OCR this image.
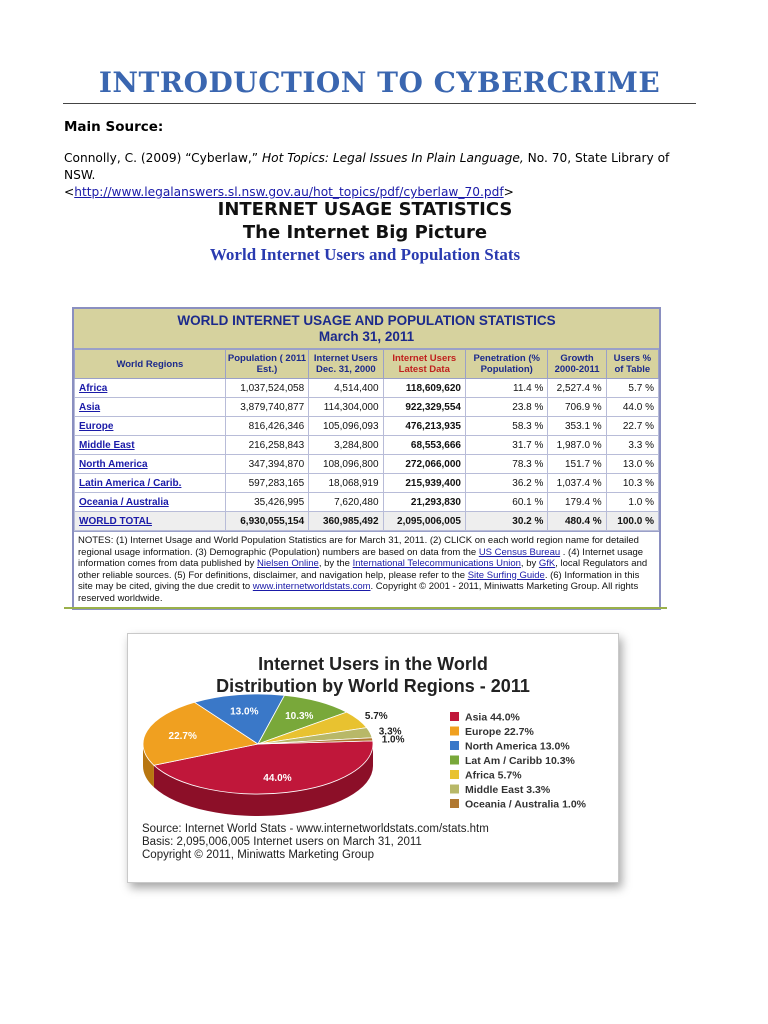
INTRODUCTION TO CYBERCRIME
Main Source:
Connolly, C. (2009) “Cyberlaw,” Hot Topics: Legal Issues In Plain Language, No. 70, State Library of NSW.
<http://www.legalanswers.sl.nsw.gov.au/hot_topics/pdf/cyberlaw_70.pdf>
INTERNET USAGE STATISTICS
The Internet Big Picture
World Internet Users and Population Stats
WORLD INTERNET USAGE AND POPULATION STATISTICS
March 31, 2011
World Regions	Population ( 2011 Est.)	Internet Users Dec. 31, 2000	Internet Users Latest Data	Penetration (% Population)	Growth 2000-2011	Users % of Table
Africa	1,037,524,058	4,514,400	118,609,620	11.4 %	2,527.4 %	5.7 %
Asia	3,879,740,877	114,304,000	922,329,554	23.8 %	706.9 %	44.0 %
Europe	816,426,346	105,096,093	476,213,935	58.3 %	353.1 %	22.7 %
Middle East	216,258,843	3,284,800	68,553,666	31.7 %	1,987.0 %	3.3 %
North America	347,394,870	108,096,800	272,066,000	78.3 %	151.7 %	13.0 %
Latin America / Carib.	597,283,165	18,068,919	215,939,400	36.2 %	1,037.4 %	10.3 %
Oceania / Australia	35,426,995	7,620,480	21,293,830	60.1 %	179.4 %	1.0 %
WORLD TOTAL	6,930,055,154	360,985,492	2,095,006,005	30.2 %	480.4 %	100.0 %
NOTES: (1) Internet Usage and World Population Statistics are for March 31, 2011. (2) CLICK on each world region name for detailed regional usage information. (3) Demographic (Population) numbers are based on data from the US Census Bureau . (4) Internet usage information comes from data published by Nielsen Online, by the International Telecommunications Union, by GfK, local Regulators and other reliable sources. (5) For definitions, disclaimer, and navigation help, please refer to the Site Surfing Guide. (6) Information in this site may be cited, giving the due credit to www.internetworldstats.com. Copyright © 2001 - 2011, Miniwatts Marketing Group. All rights reserved worldwide.
44.0%
22.7%
13.0%	10.3%	5.7%
3.3%
1.0%
Asia 44.0%
Europe 22.7%
North America 13.0%
Lat Am / Caribb 10.3%
Africa 5.7%
Middle East 3.3%
Oceania / Australia 1.0%
Internet Users in the World
Distribution by World Regions - 2011
Source: Internet World Stats - www.internetworldstats.com/stats.htm
Basis: 2,095,006,005 Internet users on March 31, 2011
Copyright © 2011, Miniwatts Marketing Group
